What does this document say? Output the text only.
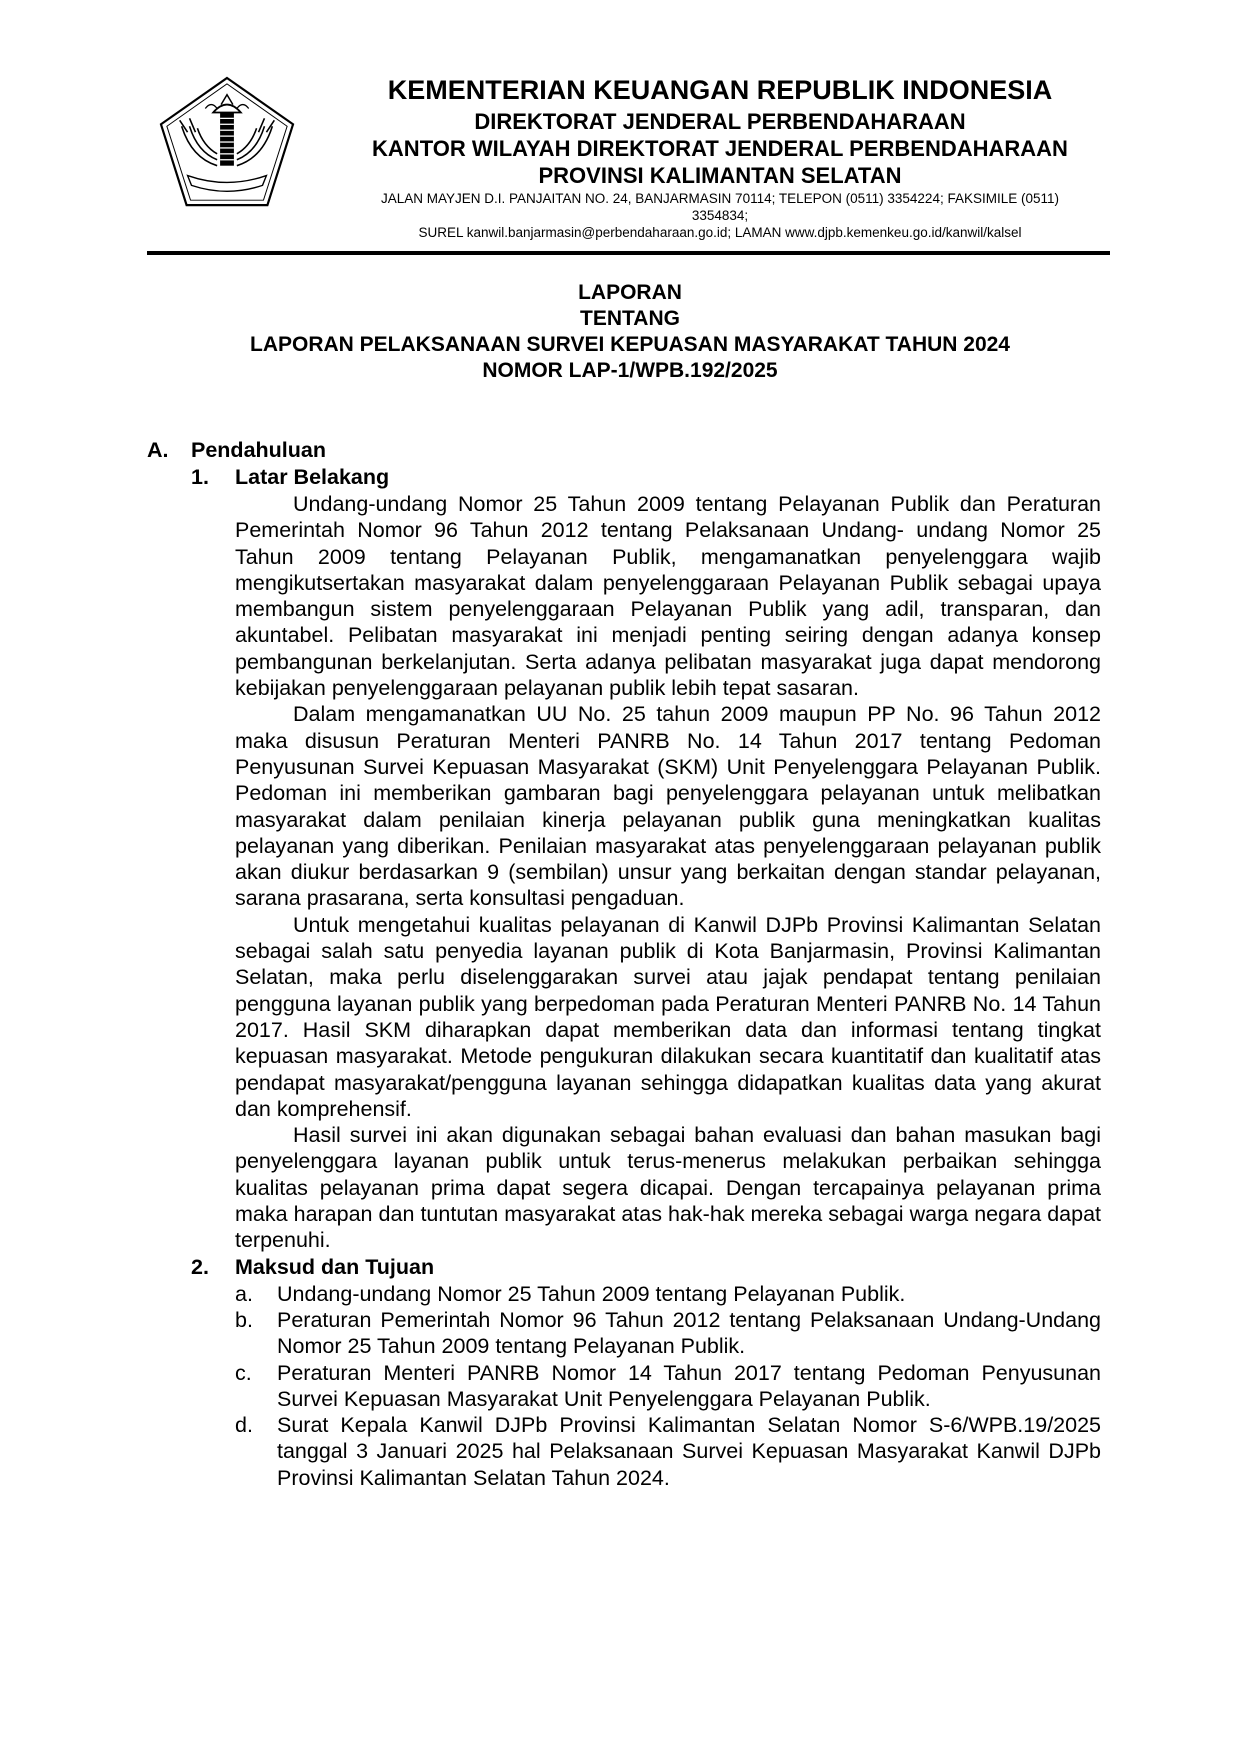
KEMENTERIAN KEUANGAN REPUBLIK INDONESIA
DIREKTORAT JENDERAL PERBENDAHARAAN
KANTOR WILAYAH DIREKTORAT JENDERAL PERBENDAHARAAN
PROVINSI KALIMANTAN SELATAN
JALAN MAYJEN D.I. PANJAITAN NO. 24, BANJARMASIN 70114; TELEPON (0511) 3354224; FAKSIMILE (0511)
3354834;
SUREL kanwil.banjarmasin@perbendaharaan.go.id; LAMAN www.djpb.kemenkeu.go.id/kanwil/kalsel
LAPORAN
TENTANG
LAPORAN PELAKSANAAN SURVEI KEPUASAN MASYARAKAT TAHUN 2024
NOMOR LAP-1/WPB.192/2025
A.	Pendahuluan
1.	Latar Belakang

Undang-undang Nomor 25 Tahun 2009 tentang Pelayanan Publik dan Peraturan Pemerintah Nomor 96 Tahun 2012 tentang Pelaksanaan Undang- undang Nomor 25 Tahun 2009 tentang Pelayanan Publik, mengamanatkan penyelenggara wajib mengikutsertakan masyarakat dalam penyelenggaraan Pelayanan Publik sebagai upaya membangun sistem penyelenggaraan Pelayanan Publik yang adil, transparan, dan akuntabel. Pelibatan masyarakat ini menjadi penting seiring dengan adanya konsep pembangunan berkelanjutan. Serta adanya pelibatan masyarakat juga dapat mendorong kebijakan penyelenggaraan pelayanan publik lebih tepat sasaran.

Dalam mengamanatkan UU No. 25 tahun 2009 maupun PP No. 96 Tahun 2012 maka disusun Peraturan Menteri PANRB No. 14 Tahun 2017 tentang Pedoman Penyusunan Survei Kepuasan Masyarakat (SKM) Unit Penyelenggara Pelayanan Publik. Pedoman ini memberikan gambaran bagi penyelenggara pelayanan untuk melibatkan masyarakat dalam penilaian kinerja pelayanan publik guna meningkatkan kualitas pelayanan yang diberikan. Penilaian masyarakat atas penyelenggaraan pelayanan publik akan diukur berdasarkan 9 (sembilan) unsur yang berkaitan dengan standar pelayanan, sarana prasarana, serta konsultasi pengaduan.

Untuk mengetahui kualitas pelayanan di Kanwil DJPb Provinsi Kalimantan Selatan sebagai salah satu penyedia layanan publik di Kota Banjarmasin, Provinsi Kalimantan Selatan, maka perlu diselenggarakan survei atau jajak pendapat tentang penilaian pengguna layanan publik yang berpedoman pada Peraturan Menteri PANRB No. 14 Tahun 2017. Hasil SKM diharapkan dapat memberikan data dan informasi tentang tingkat kepuasan masyarakat. Metode pengukuran dilakukan secara kuantitatif dan kualitatif atas pendapat masyarakat/pengguna layanan sehingga didapatkan kualitas data yang akurat dan komprehensif.

Hasil survei ini akan digunakan sebagai bahan evaluasi dan bahan masukan bagi penyelenggara layanan publik untuk terus-menerus melakukan perbaikan sehingga kualitas pelayanan prima dapat segera dicapai. Dengan tercapainya pelayanan prima maka harapan dan tuntutan masyarakat atas hak-hak mereka sebagai warga negara dapat terpenuhi.

2.	Maksud dan Tujuan
a.	Undang-undang Nomor 25 Tahun 2009 tentang Pelayanan Publik.
b.	Peraturan Pemerintah Nomor 96 Tahun 2012 tentang Pelaksanaan Undang-Undang Nomor 25 Tahun 2009 tentang Pelayanan Publik.
c.	Peraturan Menteri PANRB Nomor 14 Tahun 2017 tentang Pedoman Penyusunan Survei Kepuasan Masyarakat Unit Penyelenggara Pelayanan Publik.
d.	Surat Kepala Kanwil DJPb Provinsi Kalimantan Selatan Nomor S-6/WPB.19/2025 tanggal 3 Januari 2025 hal Pelaksanaan Survei Kepuasan Masyarakat Kanwil DJPb Provinsi Kalimantan Selatan Tahun 2024.
